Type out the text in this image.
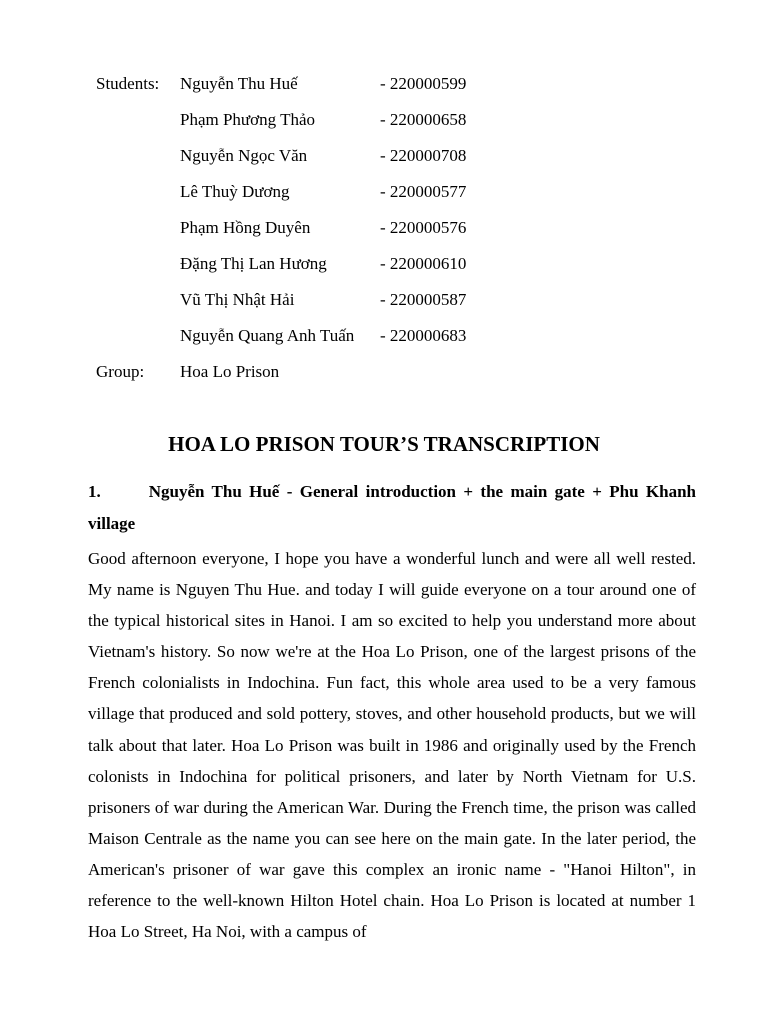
Students: Nguyễn Thu Huế	- 220000599
Phạm Phương Thảo	- 220000658
Nguyễn Ngọc Văn	- 220000708
Lê Thuỳ Dương	- 220000577
Phạm Hồng Duyên	- 220000576
Đặng Thị Lan Hương	- 220000610
Vũ Thị Nhật Hải	- 220000587
Nguyễn Quang Anh Tuấn - 220000683
Group: Hoa Lo Prison
HOA LO PRISON TOUR’S TRANSCRIPTION
1.	Nguyễn Thu Huế - General introduction + the main gate + Phu Khanh village
Good afternoon everyone, I hope you have a wonderful lunch and were all well rested. My name is Nguyen Thu Hue. and today I will guide everyone on a tour around one of the typical historical sites in Hanoi. I am so excited to help you understand more about Vietnam's history. So now we're at the Hoa Lo Prison, one of the largest prisons of the French colonialists in Indochina. Fun fact, this whole area used to be a very famous village that produced and sold pottery, stoves, and other household products, but we will talk about that later. Hoa Lo Prison was built in 1986 and originally used by the French colonists in Indochina for political prisoners, and later by North Vietnam for U.S. prisoners of war during the American War. During the French time, the prison was called Maison Centrale as the name you can see here on the main gate. In the later period, the American's prisoner of war gave this complex an ironic name - "Hanoi Hilton", in reference to the well-known Hilton Hotel chain. Hoa Lo Prison is located at number 1 Hoa Lo Street, Ha Noi, with a campus of
